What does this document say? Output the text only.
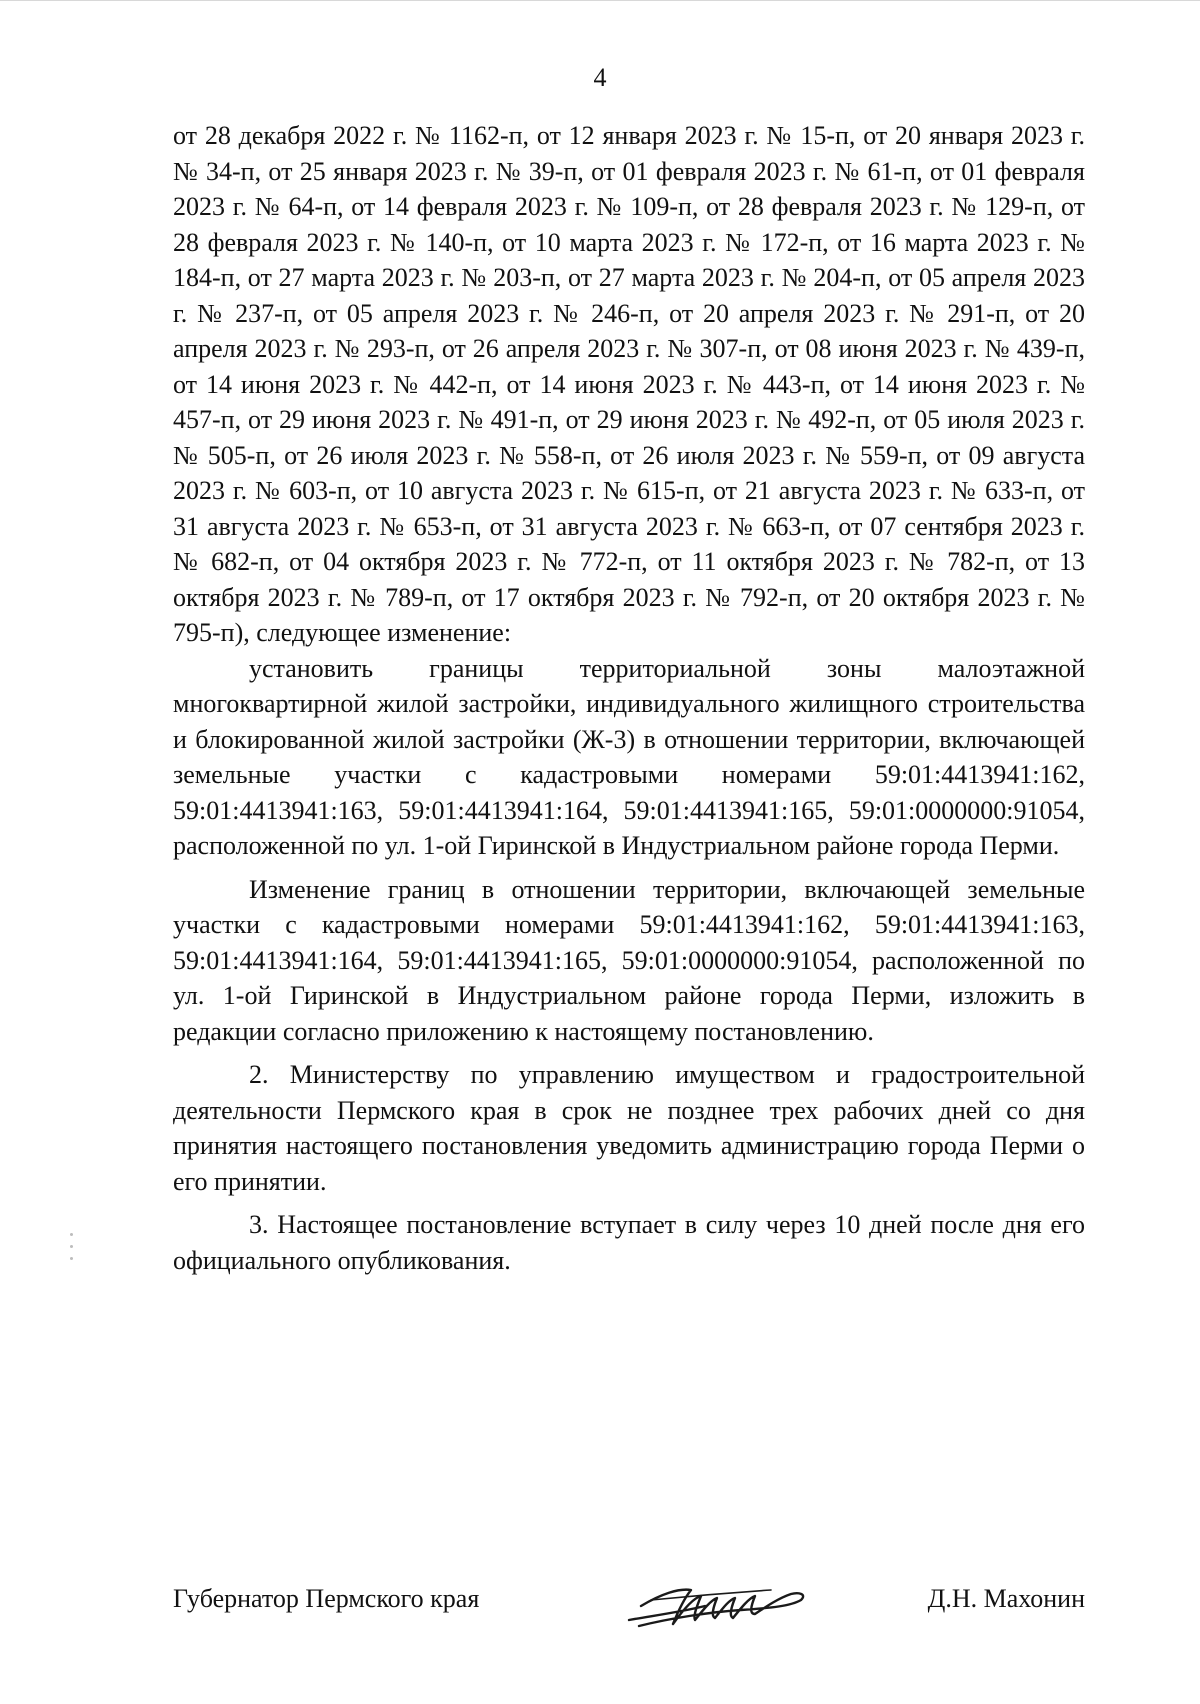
4

от 28 декабря 2022 г. № 1162-п, от 12 января 2023 г. № 15-п, от 20 января 2023 г. № 34-п, от 25 января 2023 г. № 39-п, от 01 февраля 2023 г. № 61-п, от 01 февраля 2023 г. № 64-п, от 14 февраля 2023 г. № 109-п, от 28 февраля 2023 г. № 129-п, от 28 февраля 2023 г. № 140-п, от 10 марта 2023 г. № 172-п, от 16 марта 2023 г. № 184-п, от 27 марта 2023 г. № 203-п, от 27 марта 2023 г. № 204-п, от 05 апреля 2023 г. № 237-п, от 05 апреля 2023 г. № 246-п, от 20 апреля 2023 г. № 291-п, от 20 апреля 2023 г. № 293-п, от 26 апреля 2023 г. № 307-п, от 08 июня 2023 г. № 439-п, от 14 июня 2023 г. № 442-п, от 14 июня 2023 г. № 443-п, от 14 июня 2023 г. № 457-п, от 29 июня 2023 г. № 491-п, от 29 июня 2023 г. № 492-п, от 05 июля 2023 г. № 505-п, от 26 июля 2023 г. № 558-п, от 26 июля 2023 г. № 559-п, от 09 августа 2023 г. № 603-п, от 10 августа 2023 г. № 615-п, от 21 августа 2023 г. № 633-п, от 31 августа 2023 г. № 653-п, от 31 августа 2023 г. № 663-п, от 07 сентября 2023 г. № 682-п, от 04 октября 2023 г. № 772-п, от 11 октября 2023 г. № 782-п, от 13 октября 2023 г. № 789-п, от 17 октября 2023 г. № 792-п, от 20 октября 2023 г. № 795-п), следующее изменение:

установить границы территориальной зоны малоэтажной многоквартирной жилой застройки, индивидуального жилищного строительства и блокированной жилой застройки (Ж-3) в отношении территории, включающей земельные участки с кадастровыми номерами 59:01:4413941:162, 59:01:4413941:163, 59:01:4413941:164, 59:01:4413941:165, 59:01:0000000:91054, расположенной по ул. 1-ой Гиринской в Индустриальном районе города Перми.

Изменение границ в отношении территории, включающей земельные участки с кадастровыми номерами 59:01:4413941:162, 59:01:4413941:163, 59:01:4413941:164, 59:01:4413941:165, 59:01:0000000:91054, расположенной по ул. 1-ой Гиринской в Индустриальном районе города Перми, изложить в редакции согласно приложению к настоящему постановлению.

2. Министерству по управлению имуществом и градостроительной деятельности Пермского края в срок не позднее трех рабочих дней со дня принятия настоящего постановления уведомить администрацию города Перми о его принятии.

3. Настоящее постановление вступает в силу через 10 дней после дня его официального опубликования.

Губернатор Пермского края	Д.Н. Махонин
